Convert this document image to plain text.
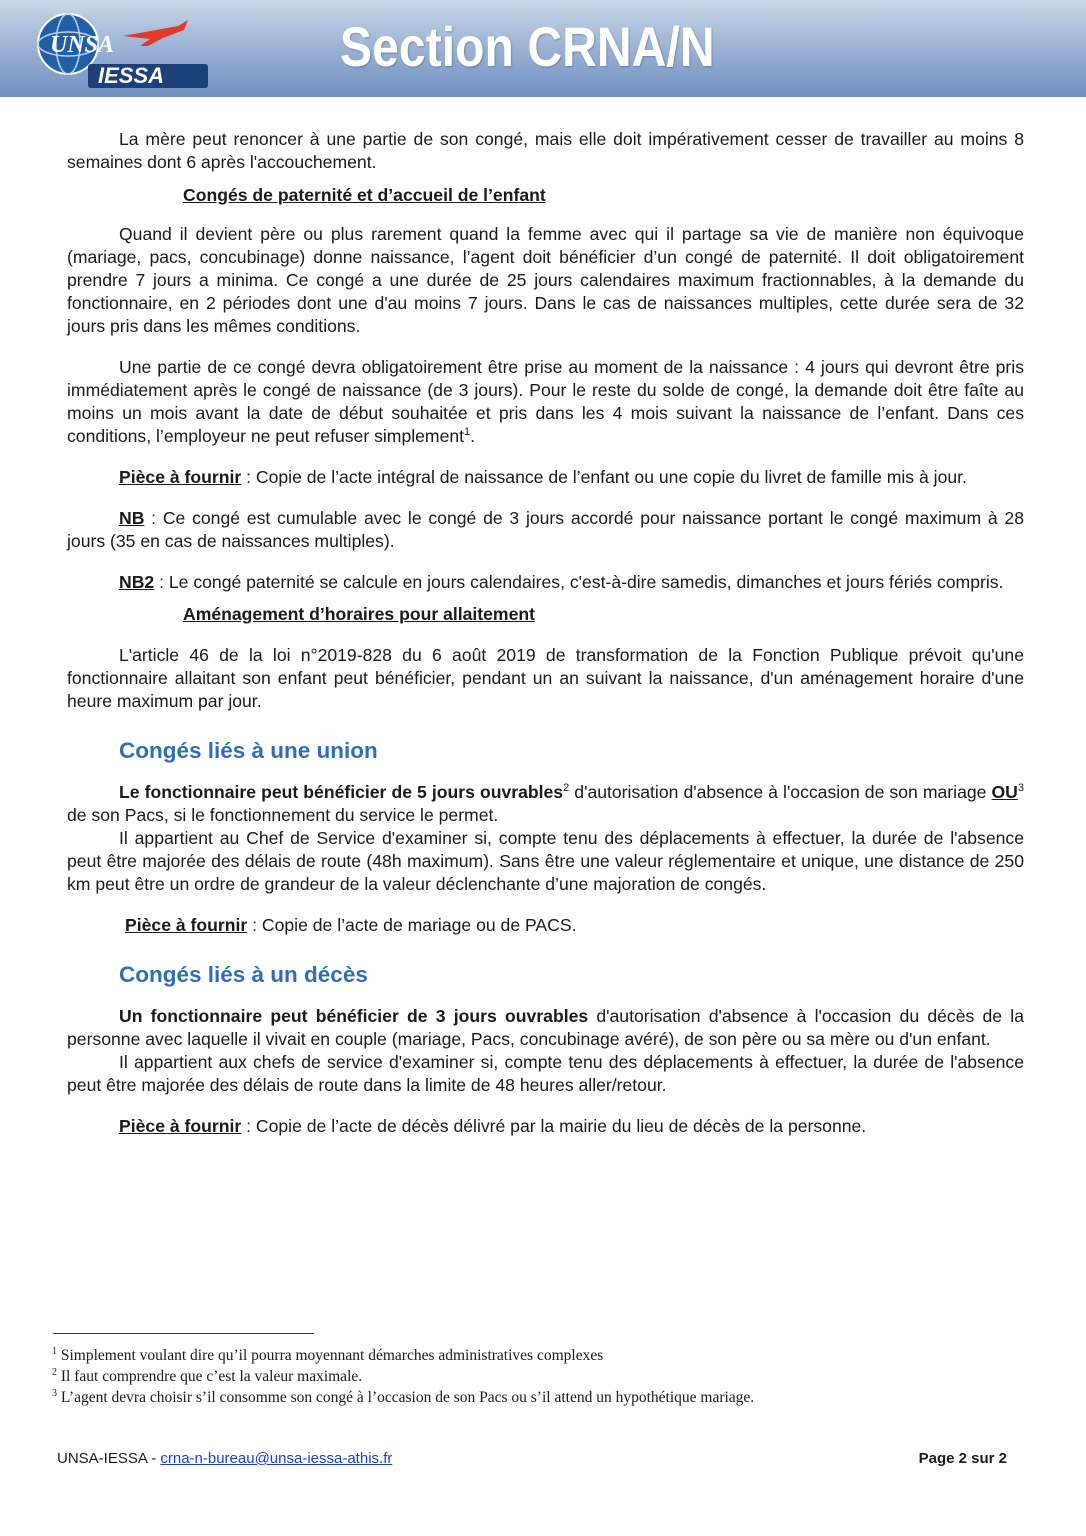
UNSA
IESSA	Section CRNA/N

La mère peut renoncer à une partie de son congé, mais elle doit impérativement cesser de travailler au moins 8 semaines dont 6 après l'accouchement.

Congés de paternité et d’accueil de l’enfant

Quand il devient père ou plus rarement quand la femme avec qui il partage sa vie de manière non équivoque (mariage, pacs, concubinage) donne naissance, l’agent doit bénéficier d’un congé de paternité. Il doit obligatoirement prendre 7 jours a minima. Ce congé a une durée de 25 jours calendaires maximum fractionnables, à la demande du fonctionnaire, en 2 périodes dont une d'au moins 7 jours. Dans le cas de naissances multiples, cette durée sera de 32 jours pris dans les mêmes conditions.

Une partie de ce congé devra obligatoirement être prise au moment de la naissance : 4 jours qui devront être pris immédiatement après le congé de naissance (de 3 jours). Pour le reste du solde de congé, la demande doit être faîte au moins un mois avant la date de début souhaitée et pris dans les 4 mois suivant la naissance de l’enfant. Dans ces conditions, l’employeur ne peut refuser simplement$^1$.

Pièce à fournir : Copie de l’acte intégral de naissance de l’enfant ou une copie du livret de famille mis à jour.

NB : Ce congé est cumulable avec le congé de 3 jours accordé pour naissance portant le congé maximum à 28 jours (35 en cas de naissances multiples).

NB2 : Le congé paternité se calcule en jours calendaires, c'est-à-dire samedis, dimanches et jours fériés compris.

Aménagement d’horaires pour allaitement

L'article 46 de la loi n°2019-828 du 6 août 2019 de transformation de la Fonction Publique prévoit qu'une fonctionnaire allaitant son enfant peut bénéficier, pendant un an suivant la naissance, d'un aménagement horaire d'une heure maximum par jour.

Congés liés à une union

Le fonctionnaire peut bénéficier de 5 jours ouvrables$^2$ d'autorisation d'absence à l'occasion de son mariage $OU^3$ de son Pacs, si le fonctionnement du service le permet.

Il appartient au Chef de Service d'examiner si, compte tenu des déplacements à effectuer, la durée de l'absence peut être majorée des délais de route (48h maximum). Sans être une valeur réglementaire et unique, une distance de 250 km peut être un ordre de grandeur de la valeur déclenchante d’une majoration de congés.

Pièce à fournir : Copie de l’acte de mariage ou de PACS.

Congés liés à un décès

Un fonctionnaire peut bénéficier de 3 jours ouvrables d'autorisation d'absence à l'occasion du décès de la personne avec laquelle il vivait en couple (mariage, Pacs, concubinage avéré), de son père ou sa mère ou d'un enfant.

Il appartient aux chefs de service d'examiner si, compte tenu des déplacements à effectuer, la durée de l'absence peut être majorée des délais de route dans la limite de 48 heures aller/retour.

Pièce à fournir : Copie de l’acte de décès délivré par la mairie du lieu de décès de la personne.

$^1$ Simplement voulant dire qu’il pourra moyennant démarches administratives complexes
$^2$ Il faut comprendre que c’est la valeur maximale.
$^3$ L’agent devra choisir s’il consomme son congé à l’occasion de son Pacs ou s’il attend un hypothétique mariage.
UNSA-IESSA - crna-n-bureau@unsa-iessa-athis.fr	Page 2 sur 2
